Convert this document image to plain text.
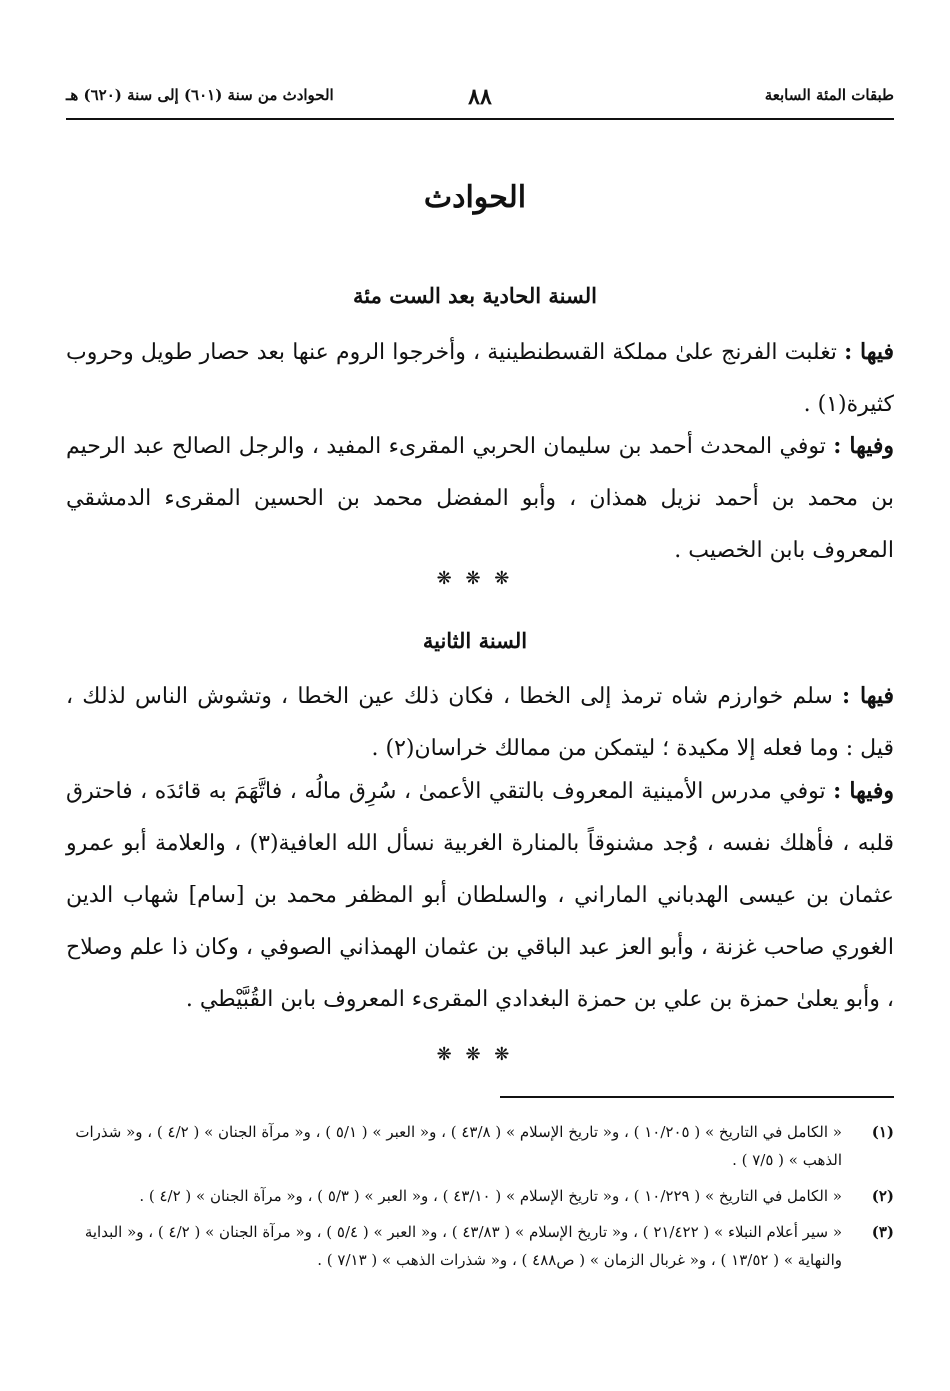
طبقات المئة السابعة
٨٨
الحوادث من سنة (٦٠١) إلى سنة (٦٢٠) هـ
الحوادث
السنة الحادية بعد الست مئة
فيها : تغلبت الفرنج علىٰ مملكة القسطنطينية ، وأخرجوا الروم عنها بعد حصار طويل وحروب كثيرة(١) .
وفيها : توفي المحدث أحمد بن سليمان الحربي المقرىء المفيد ، والرجل الصالح عبد الرحيم بن محمد بن أحمد نزيل همذان ، وأبو المفضل محمد بن الحسين المقرىء الدمشقي المعروف بابن الخصيب .
❋ ❋ ❋
السنة الثانية
فيها : سلم خوارزم شاه ترمذ إلى الخطا ، فكان ذلك عين الخطا ، وتشوش الناس لذلك ، قيل : وما فعله إلا مكيدة ؛ ليتمكن من ممالك خراسان(٢) .
وفيها : توفي مدرس الأمينية المعروف بالتقي الأعمىٰ ، سُرِق مالُه ، فاتَّهَمَ به قائدَه ، فاحترق قلبه ، فأهلك نفسه ، وُجد مشنوقاً بالمنارة الغربية نسأل الله العافية(٣) ، والعلامة أبو عمرو عثمان بن عيسى الهدباني الماراني ، والسلطان أبو المظفر محمد بن [سام] شهاب الدين الغوري صاحب غزنة ، وأبو العز عبد الباقي بن عثمان الهمذاني الصوفي ، وكان ذا علم وصلاح ، وأبو يعلىٰ حمزة بن علي بن حمزة البغدادي المقرىء المعروف بابن القُبَّيْطي .
❋ ❋ ❋
(١)
« الكامل في التاريخ » ( ١٠/٢٠٥ ) ، و« تاريخ الإسلام » ( ٤٣/٨ ) ، و« العبر » ( ٥/١ ) ، و« مرآة الجنان » ( ٤/٢ ) ، و« شذرات الذهب » ( ٧/٥ ) .
(٢)
« الكامل في التاريخ » ( ١٠/٢٢٩ ) ، و« تاريخ الإسلام » ( ٤٣/١٠ ) ، و« العبر » ( ٥/٣ ) ، و« مرآة الجنان » ( ٤/٢ ) .
(٣)
« سير أعلام النبلاء » ( ٢١/٤٢٢ ) ، و« تاريخ الإسلام » ( ٤٣/٨٣ ) ، و« العبر » ( ٥/٤ ) ، و« مرآة الجنان » ( ٤/٢ ) ، و« البداية والنهاية » ( ١٣/٥٢ ) ، و« غربال الزمان » ( ص٤٨٨ ) ، و« شذرات الذهب » ( ٧/١٣ ) .
